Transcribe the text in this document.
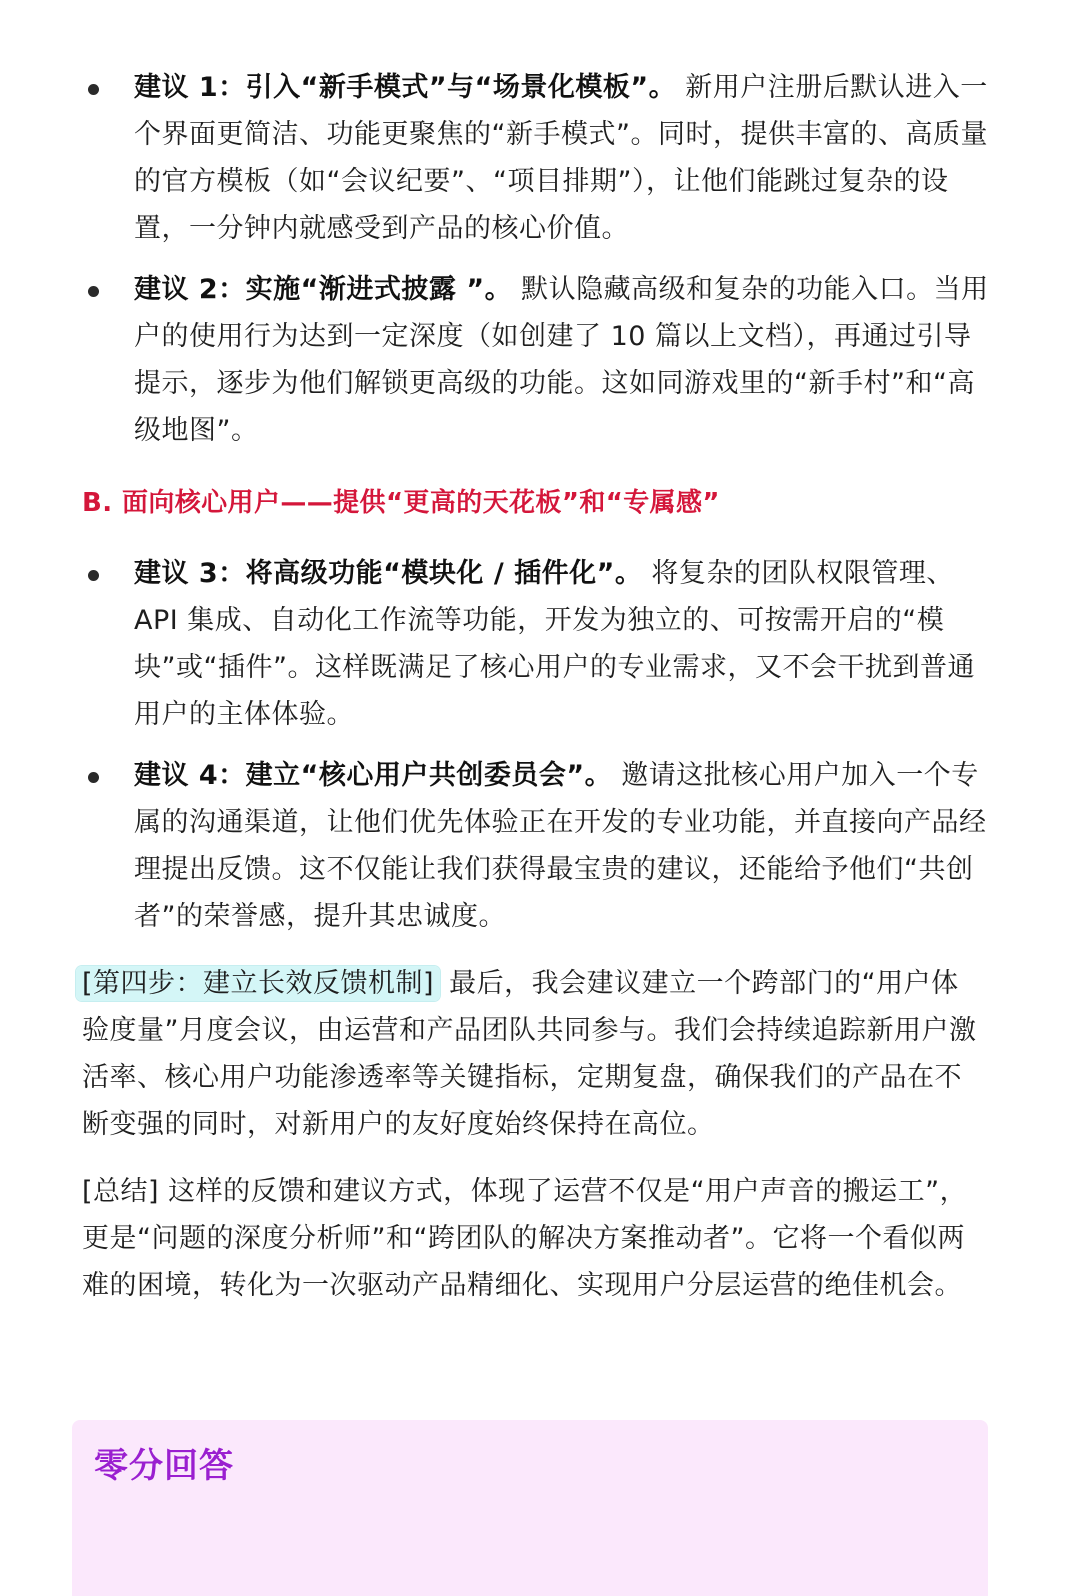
建议 1：引入“新手模式”与“场景化模板”。 新用户注册后默认进入一个界面更简洁、功能更聚焦的“新手模式”。同时，提供丰富的、高质量的官方模板（如“会议纪要”、“项目排期”），让他们能跳过复杂的设置，一分钟内就感受到产品的核心价值。
建议 2：实施“渐进式披露 ”。 默认隐藏高级和复杂的功能入口。当用户的使用行为达到一定深度（如创建了 10 篇以上文档），再通过引导提示，逐步为他们解锁更高级的功能。这如同游戏里的“新手村”和“高级地图”。
B. 面向核心用户——提供“更高的天花板”和“专属感”
建议 3：将高级功能“模块化 / 插件化”。 将复杂的团队权限管理、API 集成、自动化工作流等功能，开发为独立的、可按需开启的“模块”或“插件”。这样既满足了核心用户的专业需求，又不会干扰到普通用户的主体体验。
建议 4：建立“核心用户共创委员会”。 邀请这批核心用户加入一个专属的沟通渠道，让他们优先体验正在开发的专业功能，并直接向产品经理提出反馈。这不仅能让我们获得最宝贵的建议，还能给予他们“共创者”的荣誉感，提升其忠诚度。

[第四步：建立长效反馈机制] 最后，我会建议建立一个跨部门的“用户体验度量”月度会议，由运营和产品团队共同参与。我们会持续追踪新用户激活率、核心用户功能渗透率等关键指标，定期复盘，确保我们的产品在不断变强的同时，对新用户的友好度始终保持在高位。

[总结] 这样的反馈和建议方式，体现了运营不仅是“用户声音的搬运工”，更是“问题的深度分析师”和“跨团队的解决方案推动者”。它将一个看似两难的困境，转化为一次驱动产品精细化、实现用户分层运营的绝佳机会。

零分回答
